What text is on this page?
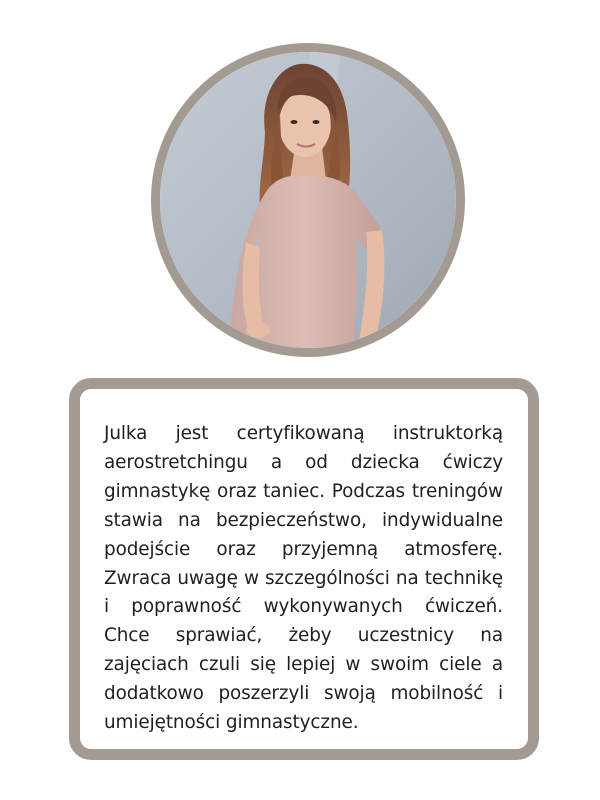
Julka jest certyfikowaną instruktorką aerostretchingu a od dziecka ćwiczy gimnastykę oraz taniec. Podczas treningów stawia na bezpieczeństwo, indywidualne podejście oraz przyjemną atmosferę. Zwraca uwagę w szczególności na technikę i poprawność wykonywanych ćwiczeń. Chce sprawiać, żeby uczestnicy na zajęciach czuli się lepiej w swoim ciele a dodatkowo poszerzyli swoją mobilność i umiejętności gimnastyczne.
